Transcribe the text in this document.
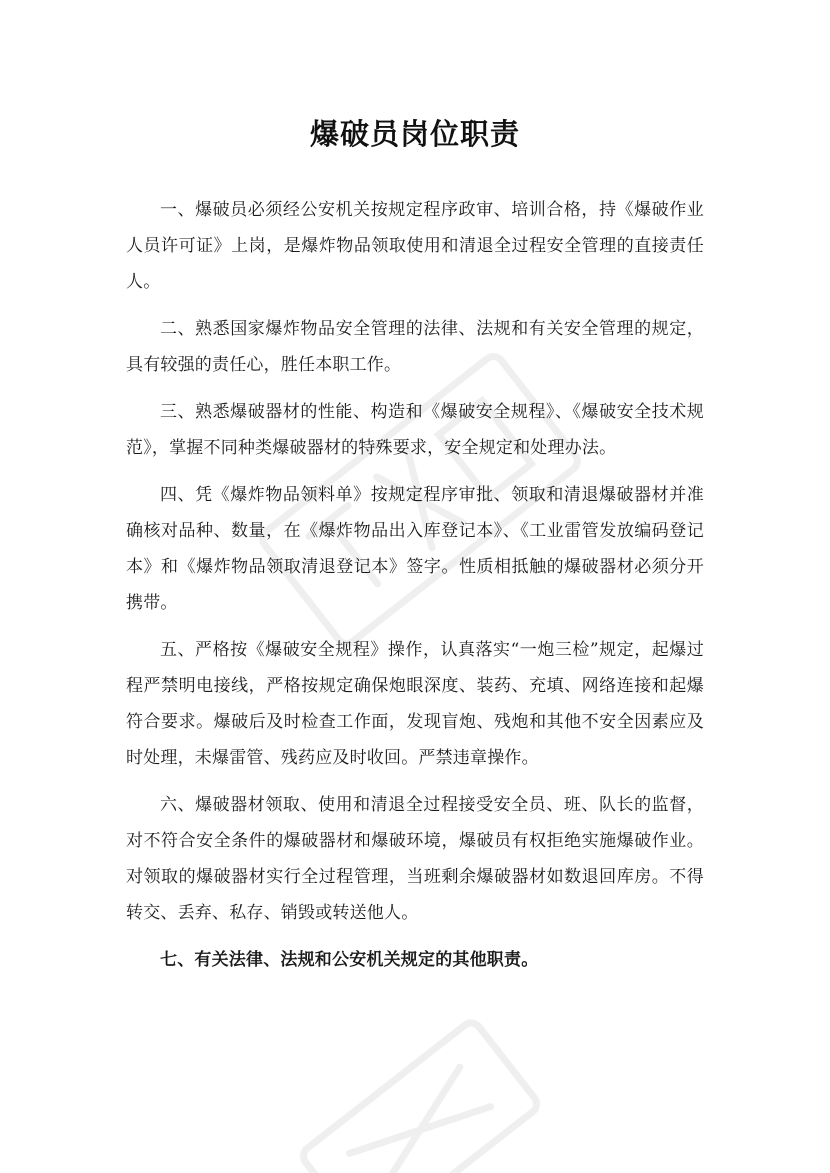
爆破员岗位职责

一、爆破员必须经公安机关按规定程序政审、培训合格，持《爆破作业人员许可证》上岗，是爆炸物品领取使用和清退全过程安全管理的直接责任人。

二、熟悉国家爆炸物品安全管理的法律、法规和有关安全管理的规定，具有较强的责任心，胜任本职工作。

三、熟悉爆破器材的性能、构造和《爆破安全规程》、《爆破安全技术规范》，掌握不同种类爆破器材的特殊要求，安全规定和处理办法。

四、凭《爆炸物品领料单》按规定程序审批、领取和清退爆破器材并准确核对品种、数量，在《爆炸物品出入库登记本》、《工业雷管发放编码登记本》和《爆炸物品领取清退登记本》签字。性质相抵触的爆破器材必须分开携带。

五、严格按《爆破安全规程》操作，认真落实“一炮三检”规定，起爆过程严禁明电接线，严格按规定确保炮眼深度、装药、充填、网络连接和起爆符合要求。爆破后及时检查工作面，发现盲炮、残炮和其他不安全因素应及时处理，未爆雷管、残药应及时收回。严禁违章操作。

六、爆破器材领取、使用和清退全过程接受安全员、班、队长的监督，对不符合安全条件的爆破器材和爆破环境，爆破员有权拒绝实施爆破作业。对领取的爆破器材实行全过程管理，当班剩余爆破器材如数退回库房。不得转交、丢弃、私存、销毁或转送他人。

七、有关法律、法规和公安机关规定的其他职责。
